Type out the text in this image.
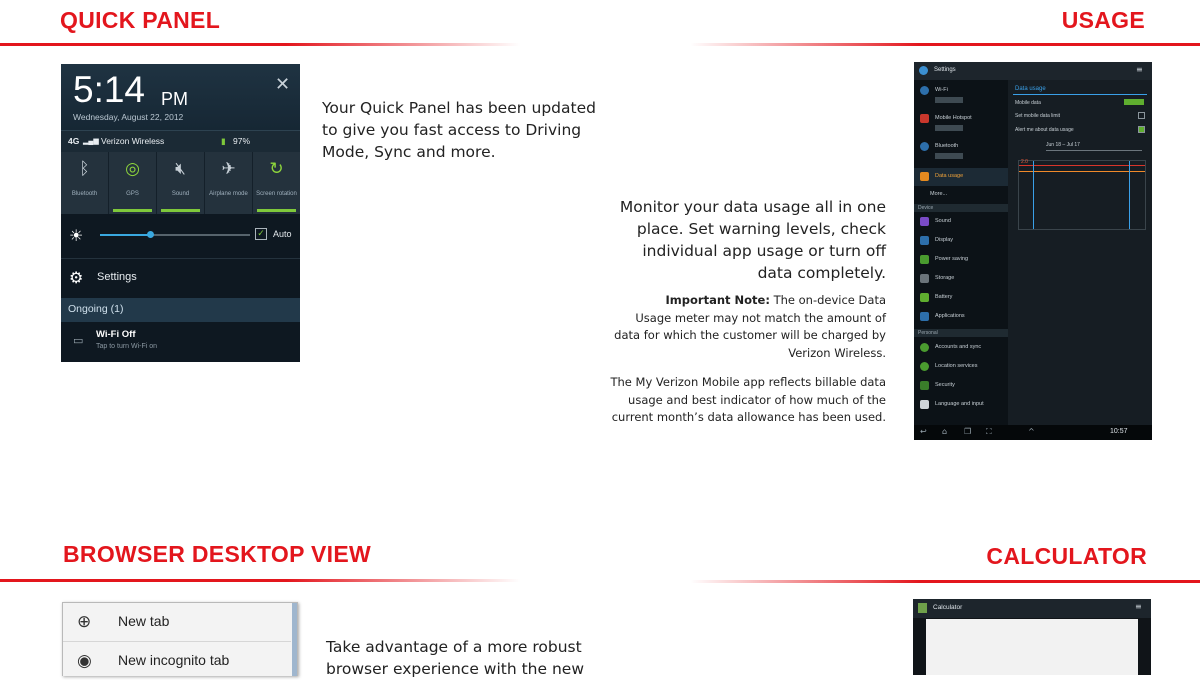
QUICK PANEL	USAGE
BROWSER DESKTOP VIEW	CALCULATOR
5:14 PM
Wednesday, August 22, 2012
✕
4G ▂▄▆ Verizon Wireless	▮ 97%
ᛒ
Bluetooth
◎
GPS
🔇︎
Sound
✈
Airplane mode
↻
Screen rotation
☀	✓ Auto
⚙ Settings
Ongoing (1)
▭ Wi-Fi Off
Tap to turn Wi-Fi on
Your Quick Panel has been updated
to give you fast access to Driving
Mode, Sync and more.
Monitor your data usage all in one
place. Set warning levels, check
individual app usage or turn off
data completely.
Important Note: The on-device Data
Usage meter may not match the amount of
data for which the customer will be charged by
Verizon Wireless.
The My Verizon Mobile app reflects billable data
usage and best indicator of how much of the
current month’s data allowance has been used.
Settings	≡
Wi-Fi
Mobile Hotspot
Bluetooth
Data usage
More...
Device
Sound
Display
Power saving
Storage
Battery
Applications
Personal
Accounts and sync
Location services
Security
Language and input
Data usage
Mobile data
Set mobile data limit
Alert me about data usage
Jun 18 – Jul 17
2.0
↩ ⌂ ❐ ⛶	^	10:57
⊕ New tab
◉ New incognito tab
Take advantage of a more robust
browser experience with the new
Calculator	≡
